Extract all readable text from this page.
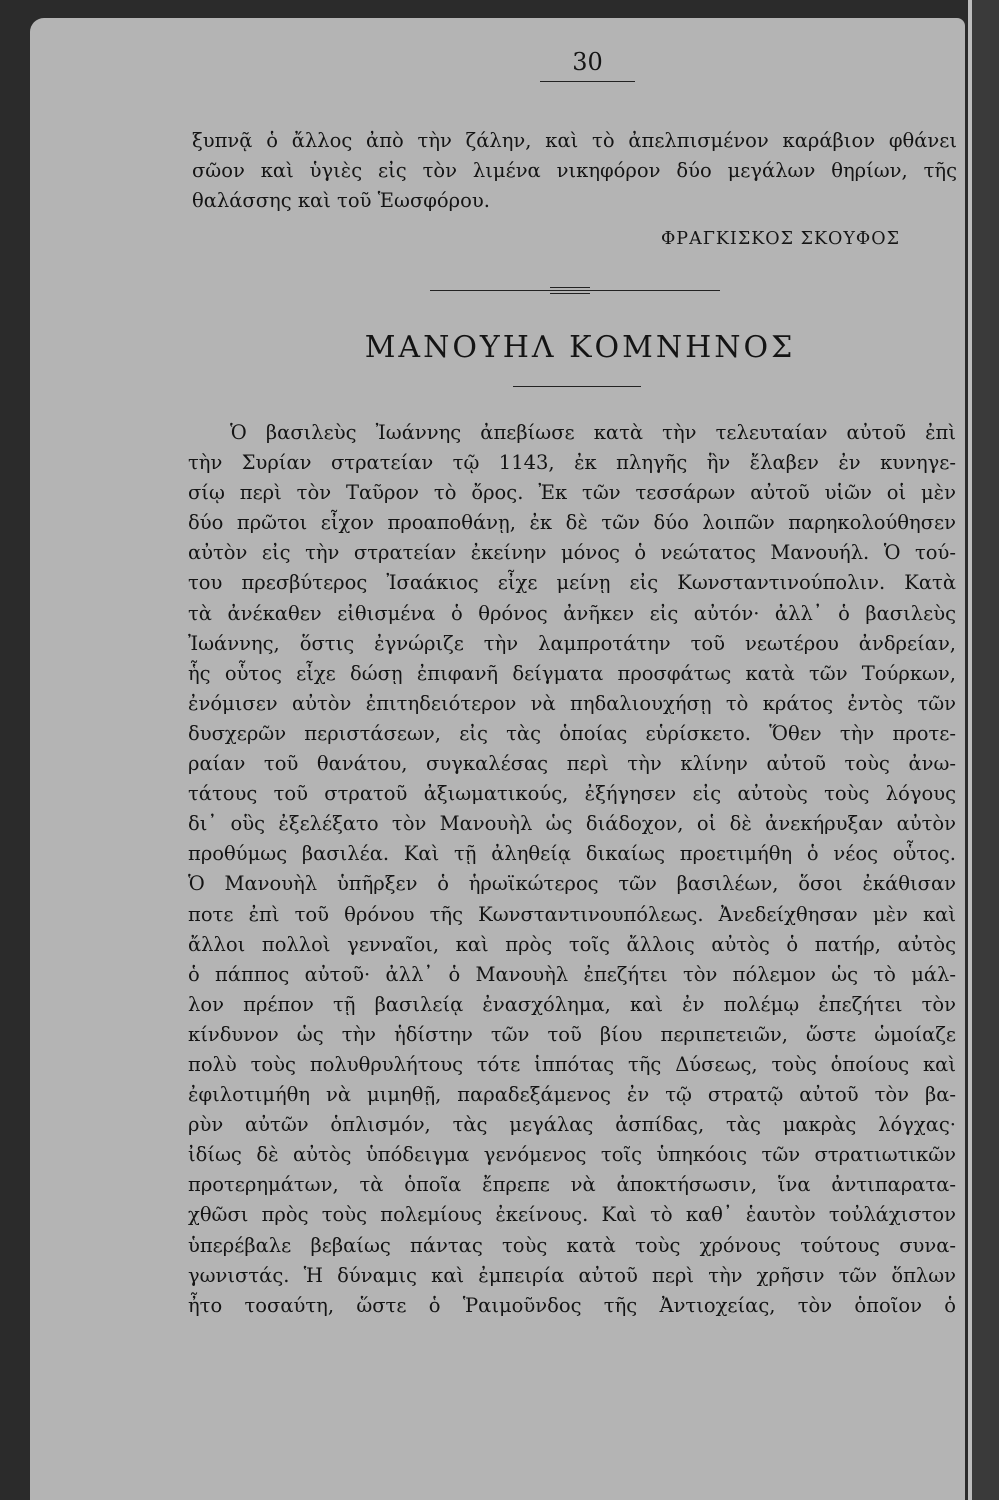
30
ξυπνᾷ ὁ ἄλλος ἀπὸ τὴν ζάλην, καὶ τὸ ἀπελπισμένον καράβιον φθάνει
σῶον καὶ ὑγιὲς εἰς τὸν λιμένα νικηφόρον δύο μεγάλων θηρίων, τῆς
θαλάσσης καὶ τοῦ Ἑωσφόρου.
ΦΡΑΓΚΙΣΚΟΣ ΣΚΟΥΦΟΣ
ΜΑΝΟΥΗΛ ΚΟΜΝΗΝΟΣ
Ὁ βασιλεὺς Ἰωάννης ἀπεβίωσε κατὰ τὴν τελευταίαν αὐτοῦ ἐπὶ
τὴν Συρίαν στρατείαν τῷ 1143, ἐκ πληγῆς ἣν ἔλαβεν ἐν κυνηγε-
σίῳ περὶ τὸν Ταῦρον τὸ ὄρος. Ἐκ τῶν τεσσάρων αὐτοῦ υἱῶν οἱ μὲν
δύο πρῶτοι εἶχον προαποθάνῃ, ἐκ δὲ τῶν δύο λοιπῶν παρηκολούθησεν
αὐτὸν εἰς τὴν στρατείαν ἐκείνην μόνος ὁ νεώτατος Μανουήλ. Ὁ τού-
του πρεσβύτερος Ἰσαάκιος εἶχε μείνῃ εἰς Κωνσταντινούπολιν. Κατὰ
τὰ ἀνέκαθεν εἰθισμένα ὁ θρόνος ἀνῆκεν εἰς αὐτόν· ἀλλ᾽ ὁ βασιλεὺς
Ἰωάννης, ὅστις ἐγνώριζε τὴν λαμπροτάτην τοῦ νεωτέρου ἀνδρείαν,
ἧς οὗτος εἶχε δώσῃ ἐπιφανῆ δείγματα προσφάτως κατὰ τῶν Τούρκων,
ἐνόμισεν αὐτὸν ἐπιτηδειότερον νὰ πηδαλιουχήσῃ τὸ κράτος ἐντὸς τῶν
δυσχερῶν περιστάσεων, εἰς τὰς ὁποίας εὑρίσκετο. Ὅθεν τὴν προτε-
ραίαν τοῦ θανάτου, συγκαλέσας περὶ τὴν κλίνην αὐτοῦ τοὺς ἀνω-
τάτους τοῦ στρατοῦ ἀξιωματικούς, ἐξήγησεν εἰς αὐτοὺς τοὺς λόγους
δι᾽ οὓς ἐξελέξατο τὸν Μανουὴλ ὡς διάδοχον, οἱ δὲ ἀνεκήρυξαν αὐτὸν
προθύμως βασιλέα. Καὶ τῇ ἀληθείᾳ δικαίως προετιμήθη ὁ νέος οὗτος.
Ὁ Μανουὴλ ὑπῆρξεν ὁ ἡρωϊκώτερος τῶν βασιλέων, ὅσοι ἐκάθισαν
ποτε ἐπὶ τοῦ θρόνου τῆς Κωνσταντινουπόλεως. Ἀνεδείχθησαν μὲν καὶ
ἄλλοι πολλοὶ γενναῖοι, καὶ πρὸς τοῖς ἄλλοις αὐτὸς ὁ πατήρ, αὐτὸς
ὁ πάππος αὐτοῦ· ἀλλ᾽ ὁ Μανουὴλ ἐπεζήτει τὸν πόλεμον ὡς τὸ μάλ-
λον πρέπον τῇ βασιλείᾳ ἐνασχόλημα, καὶ ἐν πολέμῳ ἐπεζήτει τὸν
κίνδυνον ὡς τὴν ἡδίστην τῶν τοῦ βίου περιπετειῶν, ὥστε ὡμοίαζε
πολὺ τοὺς πολυθρυλήτους τότε ἱππότας τῆς Δύσεως, τοὺς ὁποίους καὶ
ἐφιλοτιμήθη νὰ μιμηθῇ, παραδεξάμενος ἐν τῷ στρατῷ αὐτοῦ τὸν βα-
ρὺν αὐτῶν ὁπλισμόν, τὰς μεγάλας ἀσπίδας, τὰς μακρὰς λόγχας·
ἰδίως δὲ αὐτὸς ὑπόδειγμα γενόμενος τοῖς ὑπηκόοις τῶν στρατιωτικῶν
προτερημάτων, τὰ ὁποῖα ἔπρεπε νὰ ἀποκτήσωσιν, ἵνα ἀντιπαρατα-
χθῶσι πρὸς τοὺς πολεμίους ἐκείνους. Καὶ τὸ καθ᾽ ἑαυτὸν τοὐλάχιστον
ὑπερέβαλε βεβαίως πάντας τοὺς κατὰ τοὺς χρόνους τούτους συνα-
γωνιστάς. Ἡ δύναμις καὶ ἐμπειρία αὐτοῦ περὶ τὴν χρῆσιν τῶν ὅπλων
ἦτο τοσαύτη, ὥστε ὁ Ῥαιμοῦνδος τῆς Ἀντιοχείας, τὸν ὁποῖον ὁ
